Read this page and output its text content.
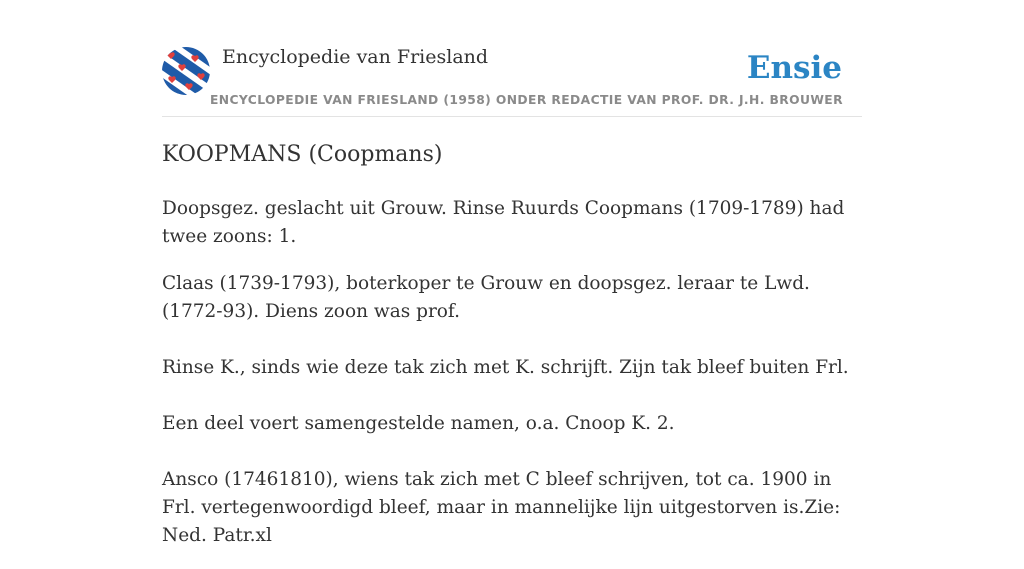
Encyclopedie van Friesland	Ensie
ENCYCLOPEDIE VAN FRIESLAND (1958) ONDER REDACTIE VAN PROF. DR. J.H. BROUWER
KOOPMANS (Coopmans)

Doopsgez. geslacht uit Grouw. Rinse Ruurds Coopmans (1709-1789) had twee zoons: 1.

Claas (1739-1793), boterkoper te Grouw en doopsgez. leraar te Lwd. (1772-93). Diens zoon was prof.

Rinse K., sinds wie deze tak zich met K. schrijft. Zijn tak bleef buiten Frl.

Een deel voert samengestelde namen, o.a. Cnoop K. 2.

Ansco (17461810), wiens tak zich met C bleef schrijven, tot ca. 1900 in Frl. vertegenwoordigd bleef, maar in mannelijke lijn uitgestorven is.Zie: Ned. Patr.xl
